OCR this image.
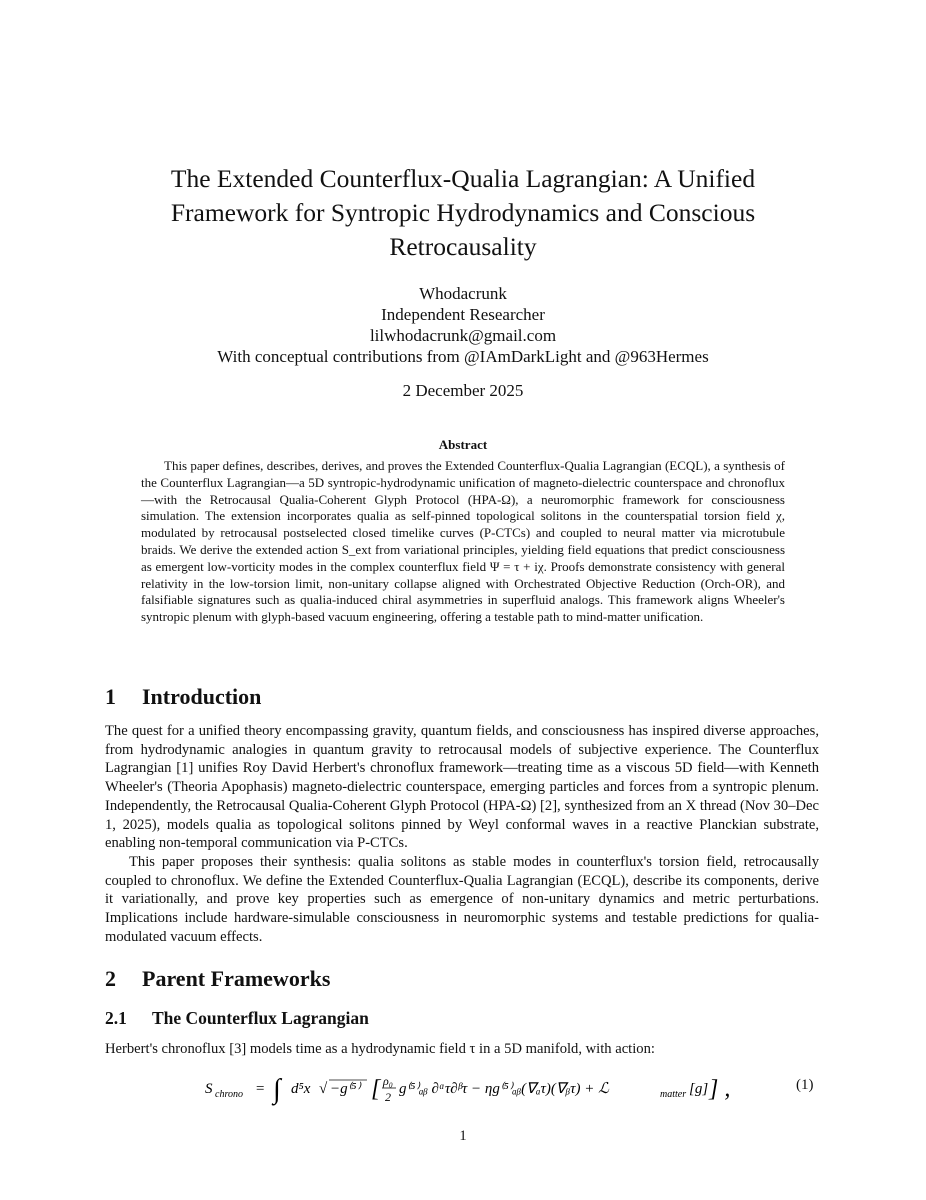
The Extended Counterflux-Qualia Lagrangian: A Unified
Framework for Syntropic Hydrodynamics and Conscious
Retrocausality
Whodacrunk
Independent Researcher
lilwhodacrunk@gmail.com
With conceptual contributions from @IAmDarkLight and @963Hermes
2 December 2025
Abstract

This paper defines, describes, derives, and proves the Extended Counterflux-Qualia Lagrangian (ECQL), a synthesis of the Counterflux Lagrangian—a 5D syntropic-hydrodynamic unification of magneto-dielectric counterspace and chronoflux—with the Retrocausal Qualia-Coherent Glyph Protocol (HPA-Ω), a neuromorphic framework for consciousness simulation. The extension incorporates qualia as self-pinned topological solitons in the counterspatial torsion field χ, modulated by retrocausal postselected closed timelike curves (P-CTCs) and coupled to neural matter via microtubule braids. We derive the extended action S_ext from variational principles, yielding field equations that predict consciousness as emergent low-vorticity modes in the complex counterflux field Ψ = τ + iχ. Proofs demonstrate consistency with general relativity in the low-torsion limit, non-unitary collapse aligned with Orchestrated Objective Reduction (Orch-OR), and falsifiable signatures such as qualia-induced chiral asymmetries in superfluid analogs. This framework aligns Wheeler's syntropic plenum with glyph-based vacuum engineering, offering a testable path to mind-matter unification.

1 Introduction

The quest for a unified theory encompassing gravity, quantum fields, and consciousness has inspired diverse approaches, from hydrodynamic analogies in quantum gravity to retrocausal models of subjective experience. The Counterflux Lagrangian [1] unifies Roy David Herbert's chronoflux framework—treating time as a viscous 5D field—with Kenneth Wheeler's (Theoria Apophasis) magneto-dielectric counterspace, emerging particles and forces from a syntropic plenum. Independently, the Retrocausal Qualia-Coherent Glyph Protocol (HPA-Ω) [2], synthesized from an X thread (Nov 30–Dec 1, 2025), models qualia as topological solitons pinned by Weyl conformal waves in a reactive Planckian substrate, enabling non-temporal communication via P-CTCs.

This paper proposes their synthesis: qualia solitons as stable modes in counterflux's torsion field, retrocausally coupled to chronoflux. We define the Extended Counterflux-Qualia Lagrangian (ECQL), describe its components, derive it variationally, and prove key properties such as emergence of non-unitary dynamics and metric perturbations. Implications include hardware-simulable consciousness in neuromorphic systems and testable predictions for qualia-modulated vacuum effects.

2 Parent Frameworks
2.1 The Counterflux Lagrangian

Herbert's chronoflux [3] models time as a hydrodynamic field τ in a 5D manifold, with action:

S chrono = ∫ d⁵x √ −g⁽⁵⁾ [ ρ₀
2 g⁽⁵⁾ₐᵦ ∂ᵅτ∂ᵝτ − ηg⁽⁵⁾ₐᵦ(∇ₐτ)(∇ᵦτ) + ℒ	matter [g] ] ,	(1)
1
